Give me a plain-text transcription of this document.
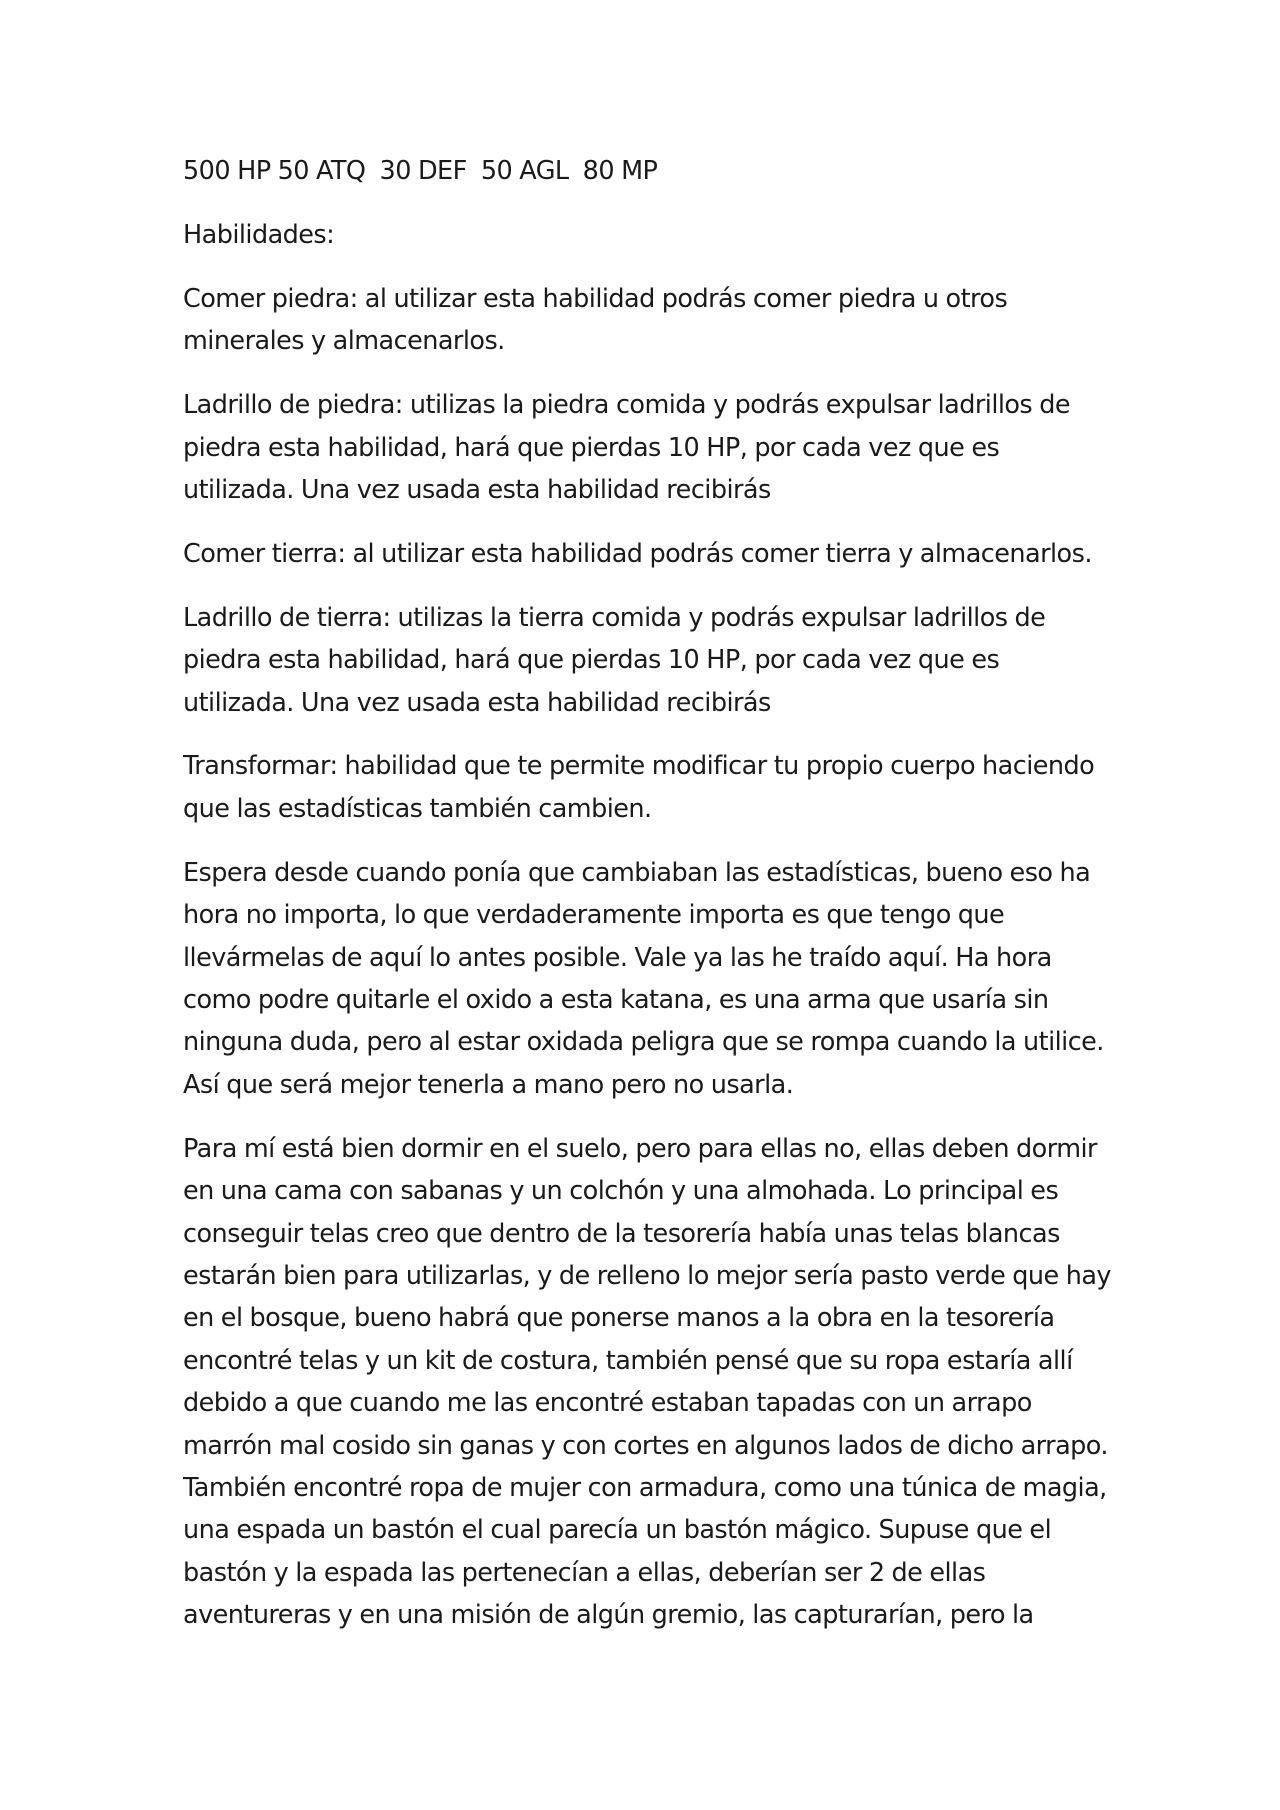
500 HP 50 ATQ  30 DEF  50 AGL  80 MP

Habilidades:

Comer piedra: al utilizar esta habilidad podrás comer piedra u otros minerales y almacenarlos.

Ladrillo de piedra: utilizas la piedra comida y podrás expulsar ladrillos de piedra esta habilidad, hará que pierdas 10 HP, por cada vez que es utilizada. Una vez usada esta habilidad recibirás

Comer tierra: al utilizar esta habilidad podrás comer tierra y almacenarlos.

Ladrillo de tierra: utilizas la tierra comida y podrás expulsar ladrillos de piedra esta habilidad, hará que pierdas 10 HP, por cada vez que es utilizada. Una vez usada esta habilidad recibirás

Transformar: habilidad que te permite modificar tu propio cuerpo haciendo que las estadísticas también cambien.

Espera desde cuando ponía que cambiaban las estadísticas, bueno eso ha hora no importa, lo que verdaderamente importa es que tengo que llevármelas de aquí lo antes posible. Vale ya las he traído aquí. Ha hora como podre quitarle el oxido a esta katana, es una arma que usaría sin ninguna duda, pero al estar oxidada peligra que se rompa cuando la utilice. Así que será mejor tenerla a mano pero no usarla.

Para mí está bien dormir en el suelo, pero para ellas no, ellas deben dormir en una cama con sabanas y un colchón y una almohada. Lo principal es conseguir telas creo que dentro de la tesorería había unas telas blancas estarán bien para utilizarlas, y de relleno lo mejor sería pasto verde que hay en el bosque, bueno habrá que ponerse manos a la obra en la tesorería encontré telas y un kit de costura, también pensé que su ropa estaría allí debido a que cuando me las encontré estaban tapadas con un arrapo marrón mal cosido sin ganas y con cortes en algunos lados de dicho arrapo. También encontré ropa de mujer con armadura, como una túnica de magia, una espada un bastón el cual parecía un bastón mágico. Supuse que el bastón y la espada las pertenecían a ellas, deberían ser 2 de ellas aventureras y en una misión de algún gremio, las capturarían, pero la
